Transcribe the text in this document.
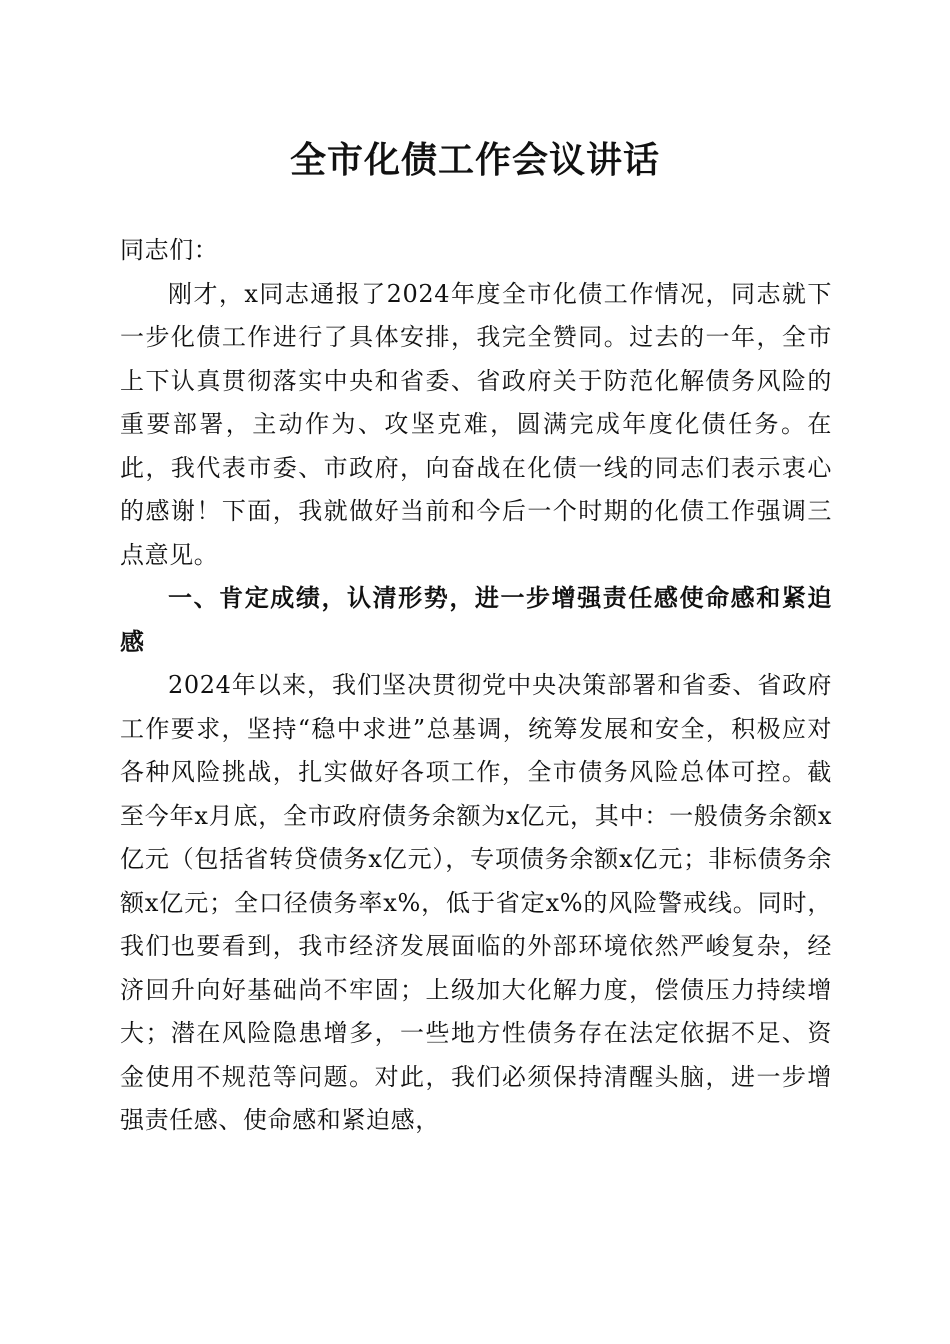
全市化债工作会议讲话

同志们：

刚才，x同志通报了2024年度全市化债工作情况，同志就下一步化债工作进行了具体安排，我完全赞同。过去的一年，全市上下认真贯彻落实中央和省委、省政府关于防范化解债务风险的重要部署，主动作为、攻坚克难，圆满完成年度化债任务。在此，我代表市委、市政府，向奋战在化债一线的同志们表示衷心的感谢！下面，我就做好当前和今后一个时期的化债工作强调三点意见。

一、肯定成绩，认清形势，进一步增强责任感使命感和紧迫感

2024年以来，我们坚决贯彻党中央决策部署和省委、省政府工作要求，坚持“稳中求进”总基调，统筹发展和安全，积极应对各种风险挑战，扎实做好各项工作，全市债务风险总体可控。截至今年x月底，全市政府债务余额为x亿元，其中：一般债务余额x亿元（包括省转贷债务x亿元），专项债务余额x亿元；非标债务余额x亿元；全口径债务率x%，低于省定x%的风险警戒线。同时，我们也要看到，我市经济发展面临的外部环境依然严峻复杂，经济回升向好基础尚不牢固；上级加大化解力度，偿债压力持续增大；潜在风险隐患增多，一些地方性债务存在法定依据不足、资金使用不规范等问题。对此，我们必须保持清醒头脑，进一步增强责任感、使命感和紧迫感，
